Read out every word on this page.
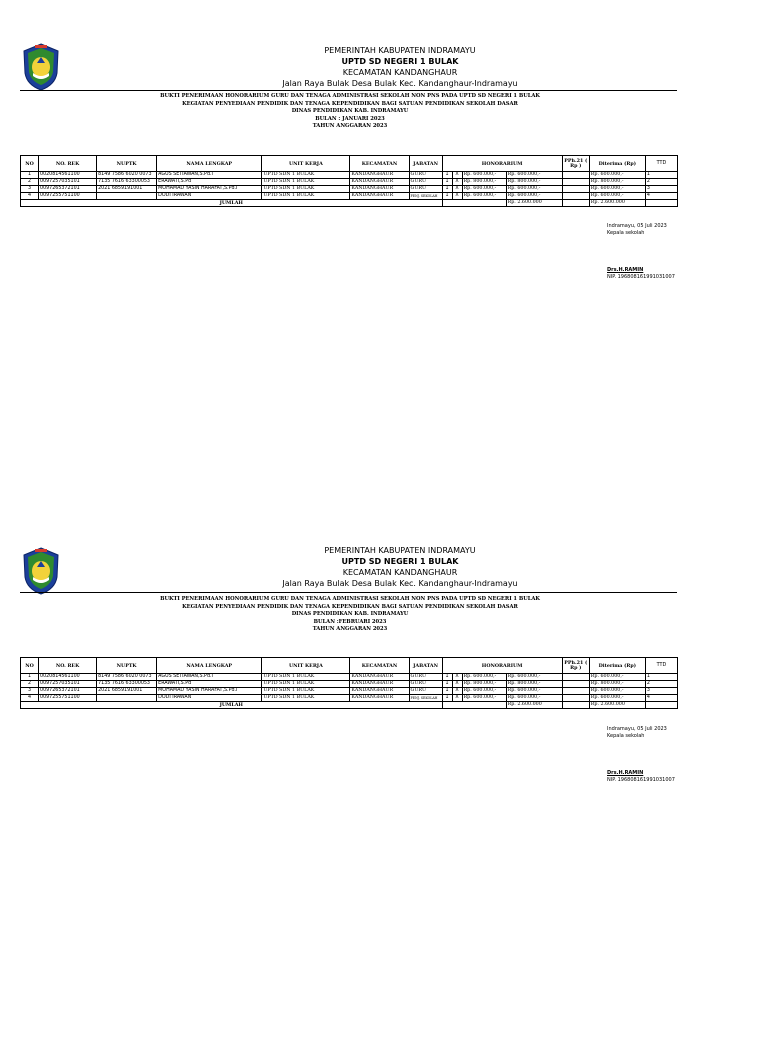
PEMERINTAH KABUPATEN INDRAMAYU
UPTD SD NEGERI 1 BULAK
KECAMATAN KANDANGHAUR
Jalan Raya Bulak Desa Bulak Kec. Kandanghaur-Indramayu
BUKTI PENERIMAAN HONORARIUM GURU DAN TENAGA ADMINISTRASI SEKOLAH NON PNS PADA UPTD SD NEGERI 1 BULAK
KEGIATAN PENYEDIAAN PENDIDIK DAN TENAGA KEPENDIDIKAN BAGI SATUAN PENDIDIKAN SEKOLAH DASAR
DINAS PENDIDIKAN KAB. INDRAMAYU
BULAN : JANUARI 2023
TAHUN ANGGARAN 2023
NO	NO. REK	NUPTK	NAMA LENGKAP	UNIT KERJA	KECAMATAN	JABATAN	HONORARIUM				PPh.21 ( Rp )	Diterima (Rp)	TTD
1	0020814561100	8149 7586 6020 0073	AGUS SETIAWAN,S.Pd.I	UPTD SDN 1 BULAK	KANDANGHAUR	GURU	1	X	Rp. 600.000,-	Rp. 600.000,-		Rp. 600.000,-	1
2	0097257035101	7135 7616 63300053	ERAWATI,S.Pd	UPTD SDN 1 BULAK	KANDANGHAUR	GURU	1	X	Rp. 800.000,-	Rp. 800.000,-		Rp. 800.000,-	2
3	0097265372101	2021 6859191001	MOHAMAD YASIN HARAFAT,S.Pd.I	UPTD SDN 1 BULAK	KANDANGHAUR	GURU	1	X	Rp. 600.000,-	Rp. 600.000,-		Rp. 600.000,-	3
4	0097255751100		DODI IRAWAN	UPTD SDN 1 BULAK	KANDANGHAUR	PENJ. SEKOLAH	1	X	Rp. 600.000,-	Rp. 600.000,-		Rp. 600.000,-	4
JUMLAH										Rp. 2.600.000		Rp. 2.600.000	
Indramayu, 05 Juli 2023
Kepala sekolah
Drs.H.RAMIN
NIP. 196808161991031007
PEMERINTAH KABUPATEN INDRAMAYU
UPTD SD NEGERI 1 BULAK
KECAMATAN KANDANGHAUR
Jalan Raya Bulak Desa Bulak Kec. Kandanghaur-Indramayu
BUKTI PENERIMAAN HONORARIUM GURU DAN TENAGA ADMINISTRASI SEKOLAH NON PNS PADA UPTD SD NEGERI 1 BULAK
KEGIATAN PENYEDIAAN PENDIDIK DAN TENAGA KEPENDIDIKAN BAGI SATUAN PENDIDIKAN SEKOLAH DASAR
DINAS PENDIDIKAN KAB. INDRAMAYU
BULAN :FEBRUARI 2023
TAHUN ANGGARAN 2023
NO	NO. REK	NUPTK	NAMA LENGKAP	UNIT KERJA	KECAMATAN	JABATAN	HONORARIUM				PPh.21 ( Rp )	Diterima (Rp)	TTD
1	0020814561100	8149 7586 6020 0073	AGUS SETIAWAN,S.Pd.I	UPTD SDN 1 BULAK	KANDANGHAUR	GURU	1	X	Rp. 600.000,-	Rp. 600.000,-		Rp. 600.000,-	1
2	0097257035101	7135 7616 63300053	ERAWATI,S.Pd	UPTD SDN 1 BULAK	KANDANGHAUR	GURU	1	X	Rp. 800.000,-	Rp. 800.000,-		Rp. 800.000,-	2
3	0097265372101	2021 6859191001	MOHAMAD YASIN HARAFAT,S.Pd.I	UPTD SDN 1 BULAK	KANDANGHAUR	GURU	1	X	Rp. 600.000,-	Rp. 600.000,-		Rp. 600.000,-	3
4	0097255751100		DODI IRAWAN	UPTD SDN 1 BULAK	KANDANGHAUR	PENJ. SEKOLAH	1	X	Rp. 600.000,-	Rp. 600.000,-		Rp. 600.000,-	4
JUMLAH										Rp. 2.600.000		Rp. 2.600.000	
Indramayu, 05 Juli 2023
Kepala sekolah
Drs.H.RAMIN
NIP. 196808161991031007
